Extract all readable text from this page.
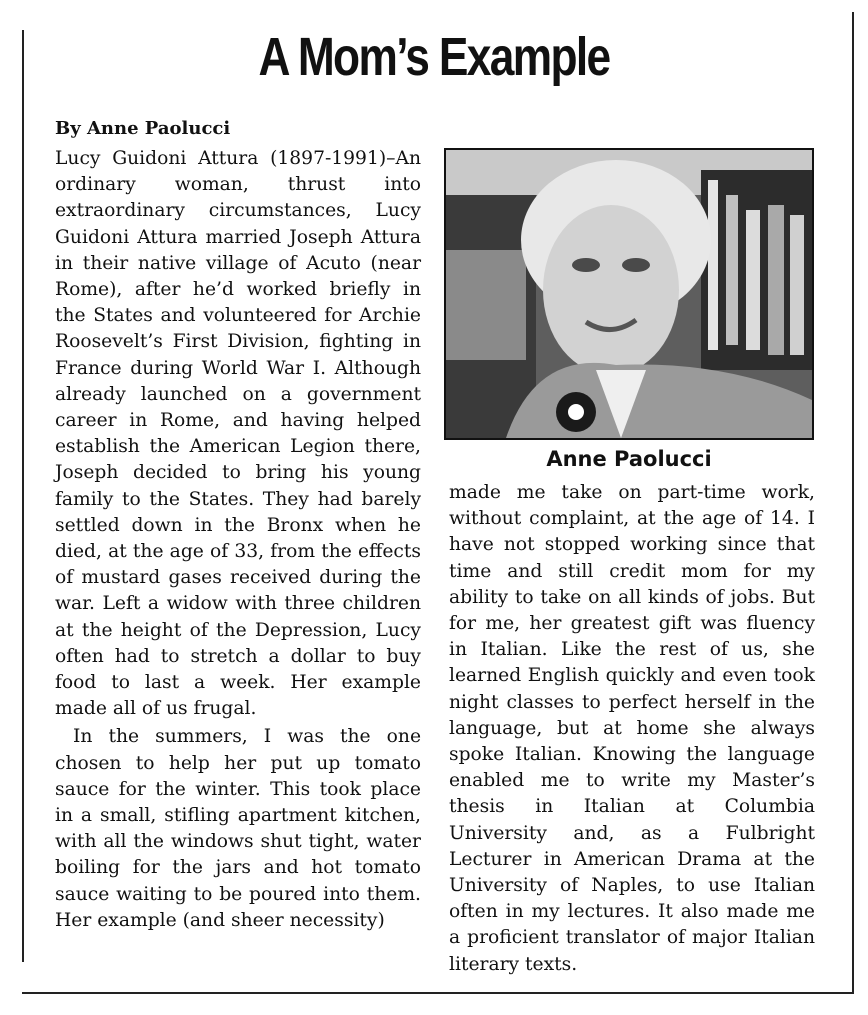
A Mom’s Example
By Anne Paolucci

Lucy Guidoni Attura (1897-1991)–An ordinary woman, thrust into extraordinary circumstances, Lucy Guidoni Attura married Joseph Attura in their native village of Acuto (near Rome), after he’d worked briefly in the States and volunteered for Archie Roosevelt’s First Division, fighting in France during World War I. Although already launched on a government career in Rome, and having helped establish the American Legion there, Joseph decided to bring his young family to the States. They had barely settled down in the Bronx when he died, at the age of 33, from the effects of mustard gases received during the war. Left a widow with three children at the height of the Depression, Lucy often had to stretch a dollar to buy food to last a week. Her example made all of us frugal.

In the summers, I was the one chosen to help her put up tomato sauce for the winter. This took place in a small, stifling apartment kitchen, with all the windows shut tight, water boiling for the jars and hot tomato sauce waiting to be poured into them. Her example (and sheer necessity)

Anne Paolucci

made me take on part-time work, without complaint, at the age of 14. I have not stopped working since that time and still credit mom for my ability to take on all kinds of jobs. But for me, her greatest gift was fluency in Italian. Like the rest of us, she learned English quickly and even took night classes to perfect herself in the language, but at home she always spoke Italian. Knowing the language enabled me to write my Master’s thesis in Italian at Columbia University and, as a Fulbright Lecturer in American Drama at the University of Naples, to use Italian often in my lectures. It also made me a proficient translator of major Italian literary texts.
